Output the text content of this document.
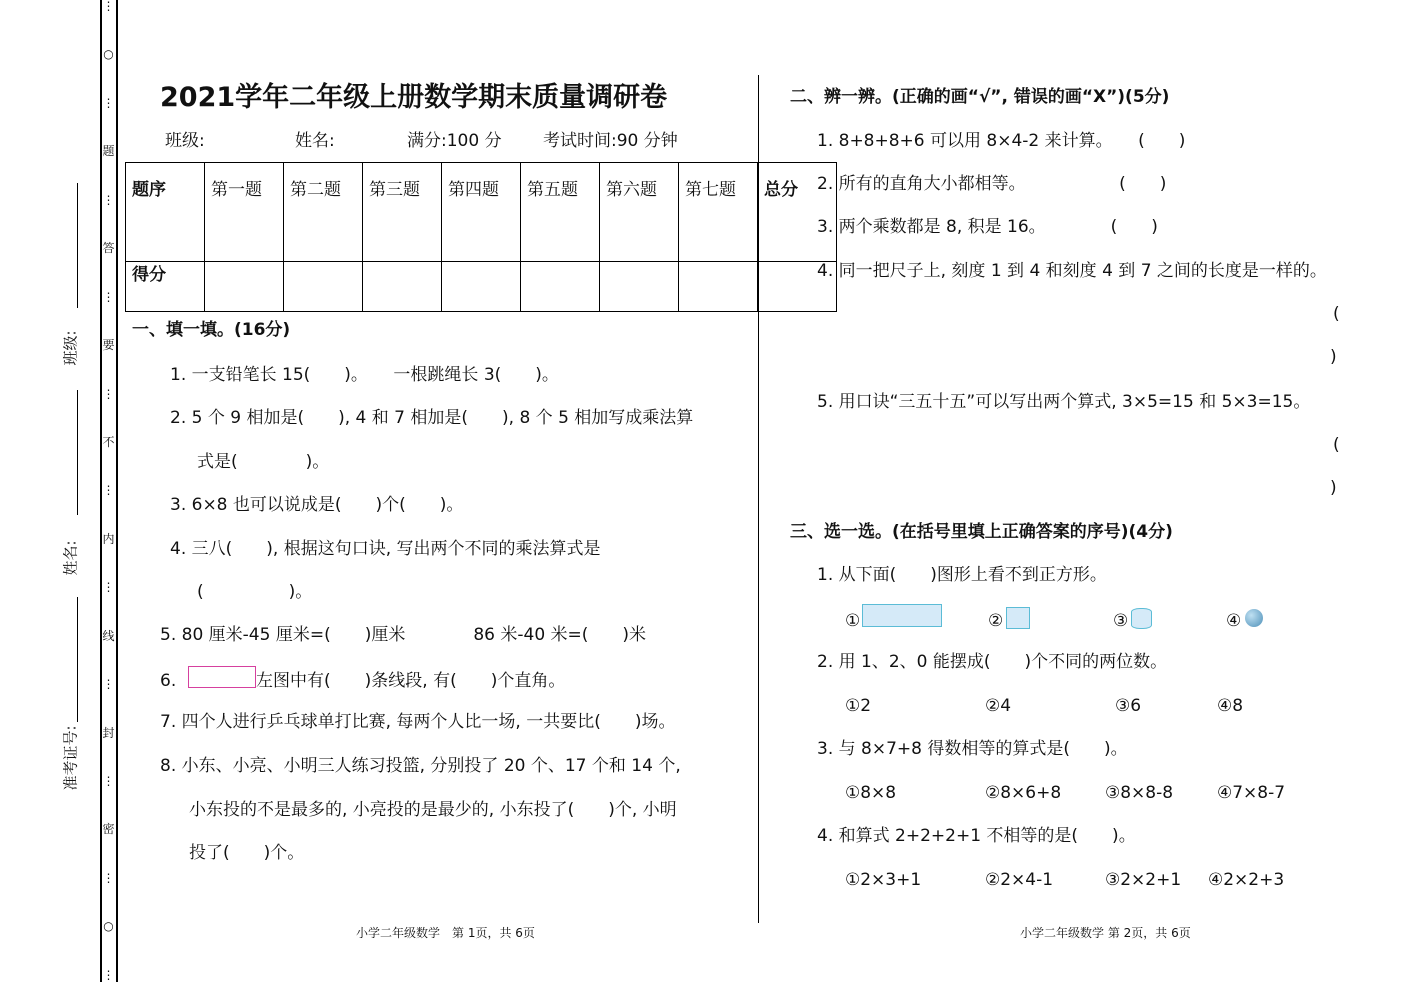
⋮
○
⋮
题
⋮
答
⋮
要
⋮
不
⋮
内
⋮
线
⋮
封
⋮
密
⋮
○
⋮
班级:
姓名:
准考证号:
2021学年二年级上册数学期末质量调研卷
班级:	姓名:	满分:100 分 考试时间:90 分钟
题序	第一题	第二题	第三题	第四题	第五题	第六题	第七题	总分
得分								
一、填一填。(16分)
1. 一支铅笔长 15(　　)。　　一根跳绳长 3(　　)。
2. 5 个 9 相加是(　　), 4 和 7 相加是(　　), 8 个 5 相加写成乘法算
式是(　　　　)。
3. 6×8 也可以说成是(　　)个(　　)。
4. 三八(　　), 根据这句口诀, 写出两个不同的乘法算式是
(　　　　　)。
5. 80 厘米-45 厘米=(　　)厘米　　　　86 米-40 米=(　　)米
6.	左图中有(　　)条线段, 有(　　)个直角。
7. 四个人进行乒乓球单打比赛, 每两个人比一场, 一共要比(　　)场。
8. 小东、小亮、小明三人练习投篮, 分别投了 20 个、17 个和 14 个,
小东投的不是最多的, 小亮投的是最少的, 小东投了(　　)个, 小明
投了(　　)个。
小学二年级数学　第 1页，共 6页
二、辨一辨。(正确的画“√”, 错误的画“X”)(5分)
1. 8+8+8+6 可以用 8×4-2 来计算。　　(　　)
2. 所有的直角大小都相等。　　　　　　(　　)
3. 两个乘数都是 8, 积是 16。　　　　 (　　)
4. 同一把尺子上, 刻度 1 到 4 和刻度 4 到 7 之间的长度是一样的。
(
)
5. 用口诀“三五十五”可以写出两个算式, 3×5=15 和 5×3=15。
(
)
三、选一选。(在括号里填上正确答案的序号)(4分)
1. 从下面(　　)图形上看不到正方形。
①	②	③	④
2. 用 1、2、0 能摆成(　　)个不同的两位数。
①2	②4	③6	④8
3. 与 8×7+8 得数相等的算式是(　　)。
①8×8	②8×6+8	③8×8-8	④7×8-7
4. 和算式 2+2+2+1 不相等的是(　　)。
①2×3+1	②2×4-1	③2×2+1 ④2×2+3
小学二年级数学 第 2页，共 6页
